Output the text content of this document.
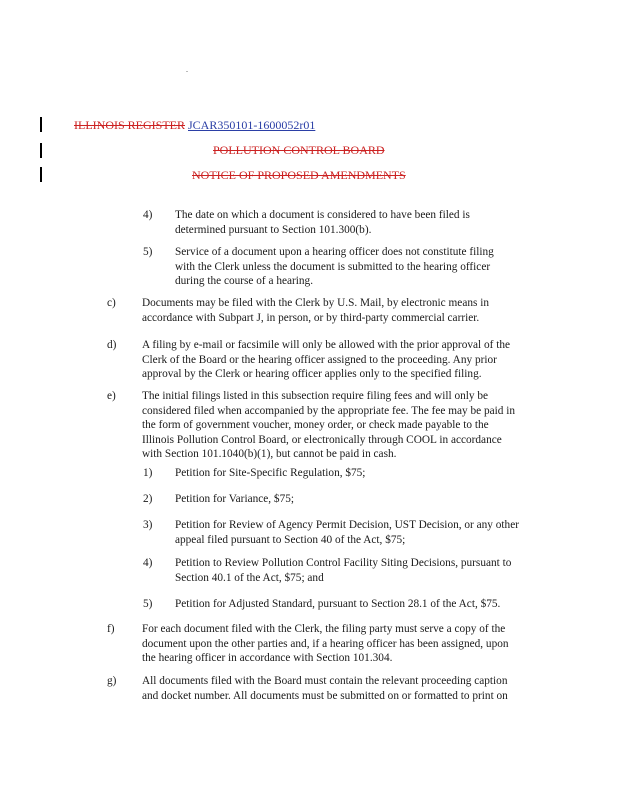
ILLINOIS REGISTER JCAR350101-1600052r01
POLLUTION CONTROL BOARD
NOTICE OF PROPOSED AMENDMENTS
4) The date on which a document is considered to have been filed is determined pursuant to Section 101.300(b).
5) Service of a document upon a hearing officer does not constitute filing with the Clerk unless the document is submitted to the hearing officer during the course of a hearing.
c) Documents may be filed with the Clerk by U.S. Mail, by electronic means in accordance with Subpart J, in person, or by third-party commercial carrier.
d) A filing by e-mail or facsimile will only be allowed with the prior approval of the Clerk of the Board or the hearing officer assigned to the proceeding. Any prior approval by the Clerk or hearing officer applies only to the specified filing.
e) The initial filings listed in this subsection require filing fees and will only be considered filed when accompanied by the appropriate fee. The fee may be paid in the form of government voucher, money order, or check made payable to the Illinois Pollution Control Board, or electronically through COOL in accordance with Section 101.1040(b)(1), but cannot be paid in cash.
1) Petition for Site-Specific Regulation, $75;
2) Petition for Variance, $75;
3) Petition for Review of Agency Permit Decision, UST Decision, or any other appeal filed pursuant to Section 40 of the Act, $75;
4) Petition to Review Pollution Control Facility Siting Decisions, pursuant to Section 40.1 of the Act, $75; and
5) Petition for Adjusted Standard, pursuant to Section 28.1 of the Act, $75.
f) For each document filed with the Clerk, the filing party must serve a copy of the document upon the other parties and, if a hearing officer has been assigned, upon the hearing officer in accordance with Section 101.304.
g) All documents filed with the Board must contain the relevant proceeding caption and docket number. All documents must be submitted on or formatted to print on
